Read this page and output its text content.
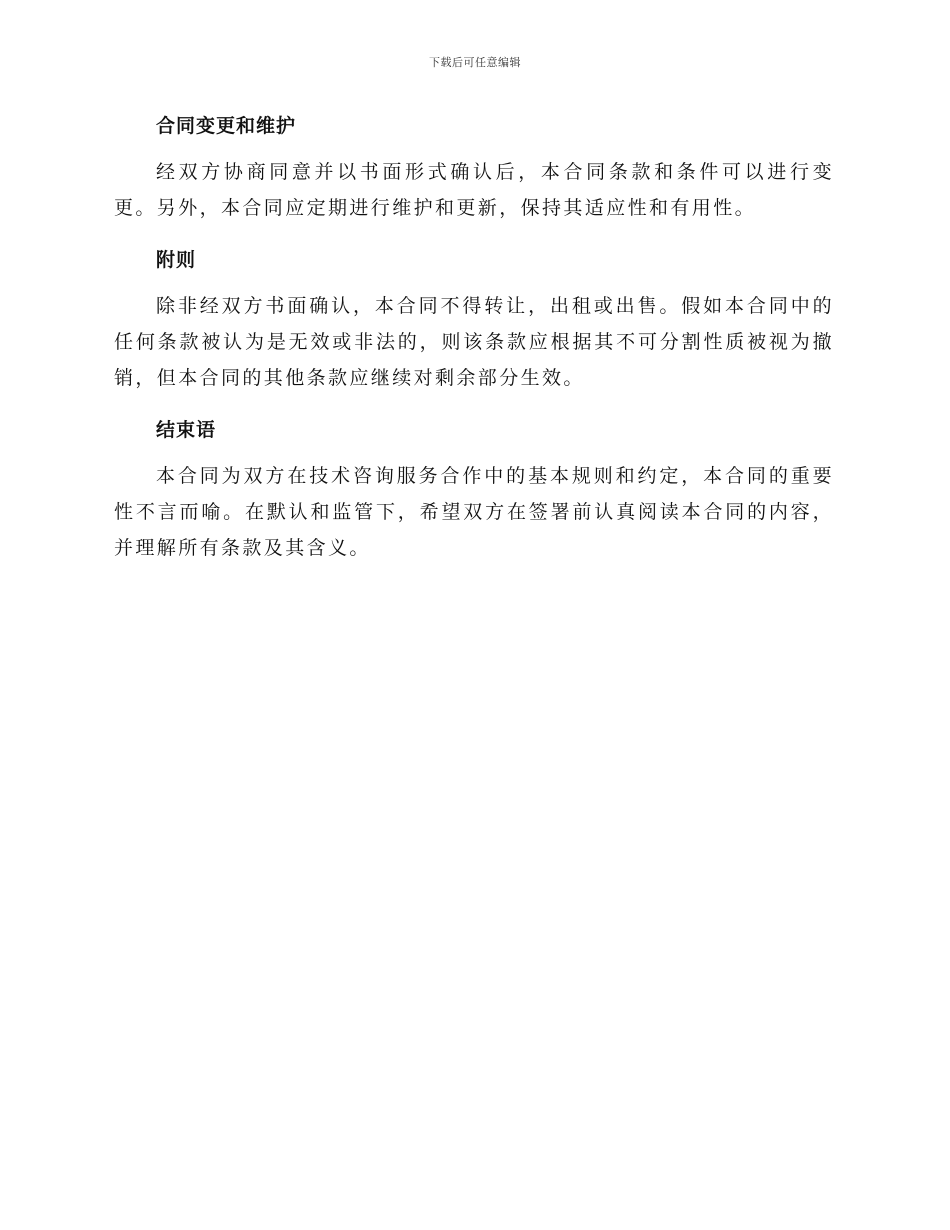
下载后可任意编辑
合同变更和维护

经双方协商同意并以书面形式确认后，本合同条款和条件可以进行变更。另外，本合同应定期进行维护和更新，保持其适应性和有用性。

附则

除非经双方书面确认，本合同不得转让，出租或出售。假如本合同中的任何条款被认为是无效或非法的，则该条款应根据其不可分割性质被视为撤销，但本合同的其他条款应继续对剩余部分生效。

结束语

本合同为双方在技术咨询服务合作中的基本规则和约定，本合同的重要性不言而喻。在默认和监管下，希望双方在签署前认真阅读本合同的内容，并理解所有条款及其含义。
